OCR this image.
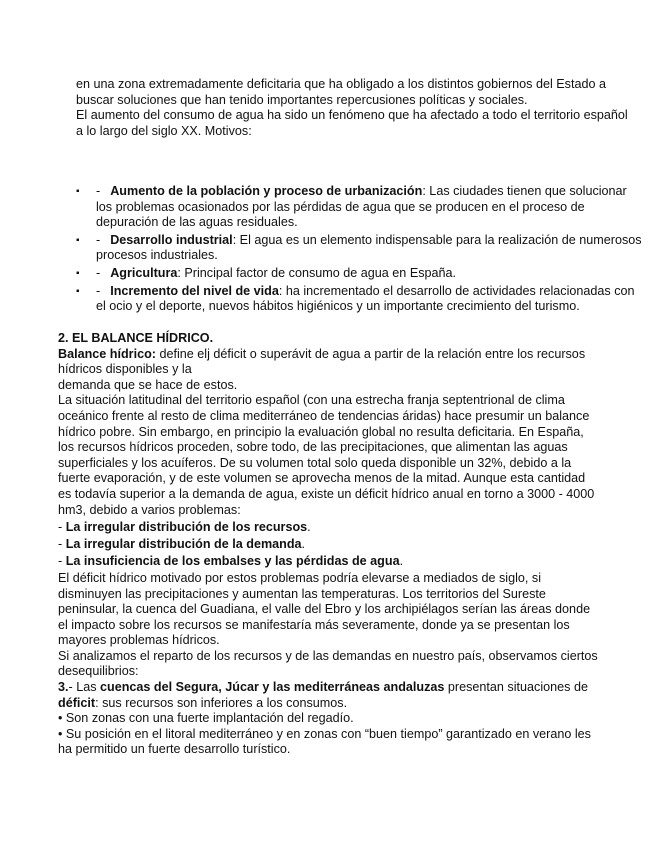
en una zona extremadamente deficitaria que ha obligado a los distintos gobiernos del Estado a

buscar soluciones que han tenido importantes repercusiones políticas y sociales.

El aumento del consumo de agua ha sido un fenómeno que ha afectado a todo el territorio español

a lo largo del siglo XX. Motivos:

▪ - Aumento de la población y proceso de urbanización: Las ciudades tienen que solucionar los problemas ocasionados por las pérdidas de agua que se producen en el proceso de depuración de las aguas residuales.
▪ - Desarrollo industrial: El agua es un elemento indispensable para la realización de numerosos procesos industriales.
▪ - Agricultura: Principal factor de consumo de agua en España.
▪ - Incremento del nivel de vida: ha incrementado el desarrollo de actividades relacionadas con el ocio y el deporte, nuevos hábitos higiénicos y un importante crecimiento del turismo.

2. EL BALANCE HÍDRICO.

Balance hídrico: define elj déficit o superávit de agua a partir de la relación entre los recursos hídricos disponibles y la

demanda que se hace de estos.

La situación latitudinal del territorio español (con una estrecha franja septentrional de clima oceánico frente al resto de clima mediterráneo de tendencias áridas) hace presumir un balance hídrico pobre. Sin embargo, en principio la evaluación global no resulta deficitaria. En España, los recursos hídricos proceden, sobre todo, de las precipitaciones, que alimentan las aguas superficiales y los acuíferos. De su volumen total solo queda disponible un 32%, debido a la fuerte evaporación, y de este volumen se aprovecha menos de la mitad. Aunque esta cantidad es todavía superior a la demanda de agua, existe un déficit hídrico anual en torno a 3000 - 4000 hm3, debido a varios problemas:

- La irregular distribución de los recursos.

- La irregular distribución de la demanda.

- La insuficiencia de los embalses y las pérdidas de agua.

El déficit hídrico motivado por estos problemas podría elevarse a mediados de siglo, si disminuyen las precipitaciones y aumentan las temperaturas. Los territorios del Sureste peninsular, la cuenca del Guadiana, el valle del Ebro y los archipiélagos serían las áreas donde el impacto sobre los recursos se manifestaría más severamente, donde ya se presentan los mayores problemas hídricos.

Si analizamos el reparto de los recursos y de las demandas en nuestro país, observamos ciertos desequilibrios:

3.- Las cuencas del Segura, Júcar y las mediterráneas andaluzas presentan situaciones de déficit: sus recursos son inferiores a los consumos.

• Son zonas con una fuerte implantación del regadío.

• Su posición en el litoral mediterráneo y en zonas con “buen tiempo” garantizado en verano les ha permitido un fuerte desarrollo turístico.
